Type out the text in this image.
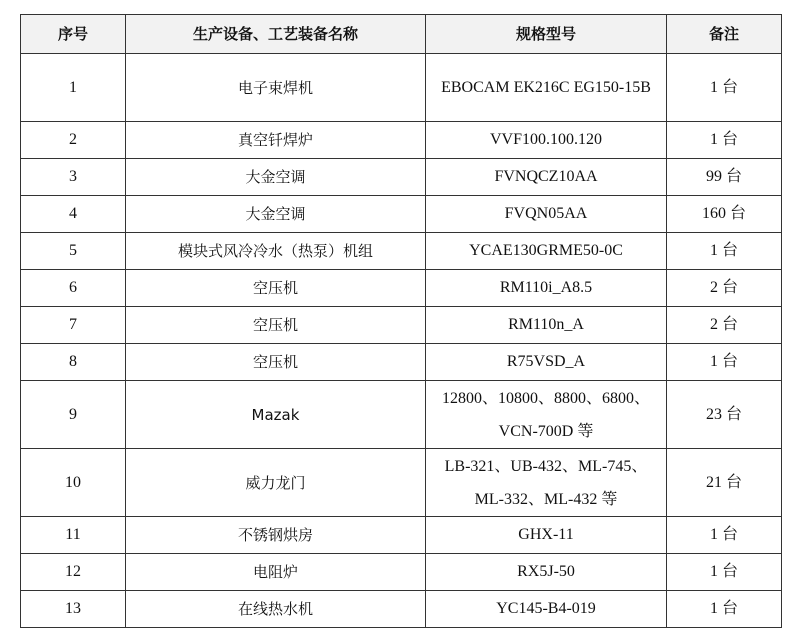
序号	生产设备、工艺装备名称	规格型号	备注
1	电子束焊机	EBOCAM EK216C EG150-15B	1 台
2	真空钎焊炉	VVF100.100.120	1 台
3	大金空调	FVNQCZ10AA	99 台
4	大金空调	FVQN05AA	160 台
5	模块式风冷冷水（热泵）机组	YCAE130GRME50-0C	1 台
6	空压机	RM110i_A8.5	2 台
7	空压机	RM110n_A	2 台
8	空压机	R75VSD_A	1 台
9	Mazak	12800、10800、8800、6800、VCN-700D 等	23 台
10	威力龙门	LB-321、UB-432、ML-745、ML-332、ML-432 等	21 台
11	不锈钢烘房	GHX-11	1 台
12	电阻炉	RX5J-50	1 台
13	在线热水机	YC145-B4-019	1 台
